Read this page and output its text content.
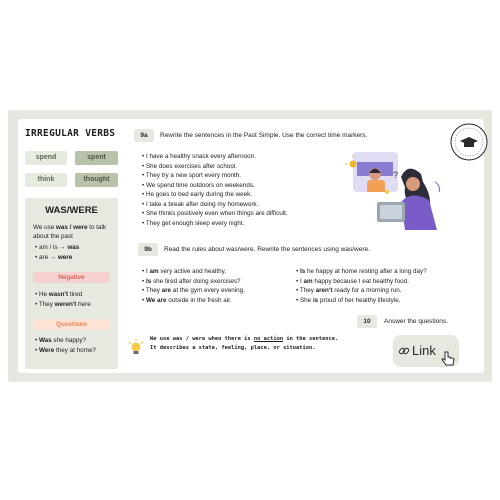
IRREGULAR VERBS
spend	spent
think	thought
WAS/WERE
We use was / were to talk about the past
• am / is → was
• are → were
Negative
• He wasn't tired
• They weren't here
Questions
• Was she happy?
• Were they at home?
9a	Rewrite the sentences in the Past Simple. Use the correct time markers.
• I have a healthy snack every afternoon.
• She does exercises after school.
• They try a new sport every month.
• We spend time outdoors on weekends.
• He goes to bed early during the week.
• I take a break after doing my homework.
• She thinks positively even when things are difficult.
• They get enough sleep every night.
9b	Read the rules about was/were. Rewrite the sentences using was/were.
• I am very active and healthy.
• Is she tired after doing exercises?
• They are at the gym every evening.
• We are outside in the fresh air.
• Is he happy at home resting after a long day?
• I am happy because I eat healthy food.
• They aren't ready for a morning run.
• She is proud of her healthy lifestyle.
10	Answer the questions.
We use was / were when there is no action in the sentence.
It describes a state, feeling, place, or situation.	Link
?
